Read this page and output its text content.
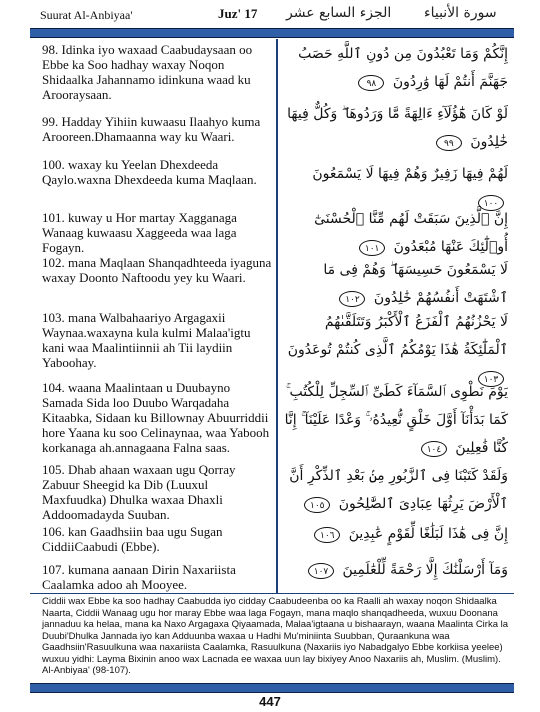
Suurat Al-Anbiyaa'	Juz' 17 الجزء السابع عشر سورة الأنبياء
98. Idinka iyo waxaad Caabudaysaan oo Ebbe ka Soo hadhay waxay Noqon Shidaalka Jahannamo idinkuna waad ku Arooraysaan.
99. Hadday Yihiin kuwaasu Ilaahyo kuma Arooreen.Dhamaanna way ku Waari.
100. waxay ku Yeelan Dhexdeeda Qaylo.waxna Dhexdeeda kuma Maqlaan.
101. kuway u Hor martay Xagganaga Wanaag kuwaasu Xaggeeda waa laga Fogayn.
102. mana Maqlaan Shanqadhteeda iyaguna waxay Doonto Naftoodu yey ku Waari.
103. mana Walbahaariyo Argagaxii Waynaa.waxayna kula kulmi Malaa'igtu kani waa Maalintiinnii ah Tii laydiin Yaboohay.
104. waana Maalintaan u Duubayno Samada Sida loo Duubo Warqadaha Kitaabka, Sidaan ku Billownay Abuurriddii hore Yaana ku soo Celinaynaa, waa Yabooh korkanaga ah.annagaana Falna saas.
105. Dhab ahaan waxaan ugu Qorray Zabuur Sheegid ka Dib (Luuxul Maxfuudka) Dhulka waxaa Dhaxli Addoomadayda Suuban.
106. kan Gaadhsiin baa ugu Sugan CiddiiCaabudi (Ebbe).
107. kumana aanaan Dirin Naxariista Caalamka adoo ah Mooyee.
إِنَّكُمْ وَمَا تَعْبُدُونَ مِن دُونِ ٱللَّهِ حَصَبُ جَهَنَّمَ أَنتُمْ لَهَا وَٰرِدُونَ ٩٨
لَوْ كَانَ هَٰٓؤُلَآءِ ءَالِهَةً مَّا وَرَدُوهَا ۖ وَكُلٌّ فِيهَا خَٰلِدُونَ ٩٩
لَهُمْ فِيهَا زَفِيرٌ وَهُمْ فِيهَا لَا يَسْمَعُونَ ١٠٠
إِنَّ ٱلَّذِينَ سَبَقَتْ لَهُم مِّنَّا ٱلْحُسْنَىٰٓ أُو۟لَٰٓئِكَ عَنْهَا مُبْعَدُونَ ١٠١
لَا يَسْمَعُونَ حَسِيسَهَا ۖ وَهُمْ فِى مَا ٱشْتَهَتْ أَنفُسُهُمْ خَٰلِدُونَ ١٠٢
لَا يَحْزُنُهُمُ ٱلْفَزَعُ ٱلْأَكْبَرُ وَتَتَلَقَّىٰهُمُ ٱلْمَلَٰٓئِكَةُ هَٰذَا يَوْمُكُمُ ٱلَّذِى كُنتُمْ تُوعَدُونَ ١٠٣
يَوْمَ نَطْوِى ٱلسَّمَآءَ كَطَىِّ ٱلسِّجِلِّ لِلْكُتُبِ ۚ كَمَا بَدَأْنَآ أَوَّلَ خَلْقٍ نُّعِيدُهُۥ ۚ وَعْدًا عَلَيْنَآ ۚ إِنَّا كُنَّا فَٰعِلِينَ ١٠٤
وَلَقَدْ كَتَبْنَا فِى ٱلزَّبُورِ مِنۢ بَعْدِ ٱلذِّكْرِ أَنَّ ٱلْأَرْضَ يَرِثُهَا عِبَادِىَ ٱلصَّٰلِحُونَ ١٠٥
إِنَّ فِى هَٰذَا لَبَلَٰغًا لِّقَوْمٍ عَٰبِدِينَ ١٠٦
وَمَآ أَرْسَلْنَٰكَ إِلَّا رَحْمَةً لِّلْعَٰلَمِينَ ١٠٧
Ciddii wax Ebbe ka soo hadhay Caabudda iyo cidday Caabudeenba oo ka Raalli ah waxay noqon Shidaalka Naarta, Ciddii Wanaag ugu hor maray Ebbe waa laga Fogayn, mana maqlo shanqadheeda, wuxuu Doonana jannaduu ka helaa, mana ka Naxo Argagaxa Qiyaamada, Malaa'igtaana u bishaarayn, waana Maalinta Cirka la Duubi'Dhulka Jannada iyo kan Adduunba waxaa u Hadhi Mu'miniinta Suubban, Quraankuna waa Gaadhsiin'Rasuulkuna waa naxariista Caalamka, Rasuulkuna (Naxariis iyo Nabadgalyo Ebbe korkiisa yeelee) wuxuu yidhi: Layma Bixinin anoo wax Lacnada ee waxaa uun lay bixiyey Anoo Naxariis ah, Muslim. (Muslim). Al-Anbiyaa' (98-107).
447
